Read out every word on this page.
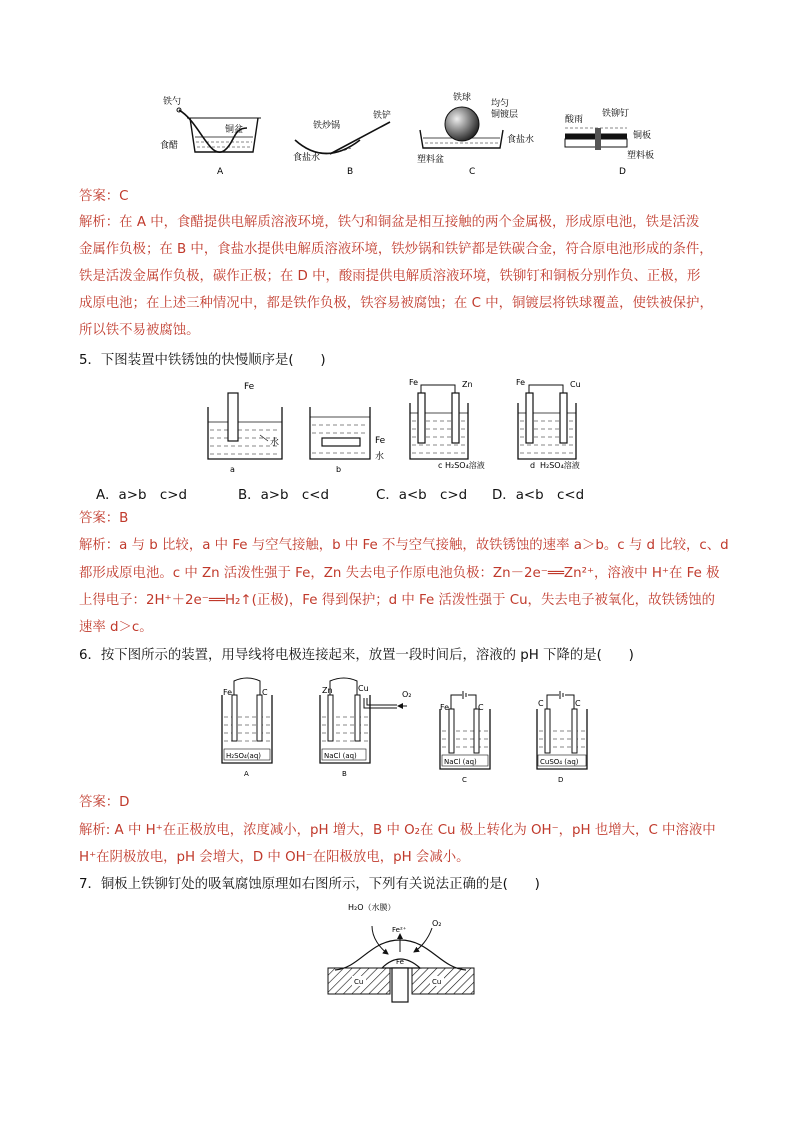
铁勺
铜盆
食醋
A
铁炒锅
铁铲
食盐水
B
铁球
均匀
铜镀层
食盐水
塑料盆
C
酸雨
铁铆钉
铜板
塑料板
D
答案：C
解析：在 A 中，食醋提供电解质溶液环境，铁勺和铜盆是相互接触的两个金属极，形成原电池，铁是活泼
金属作负极；在 B 中，食盐水提供电解质溶液环境，铁炒锅和铁铲都是铁碳合金，符合原电池形成的条件，
铁是活泼金属作负极，碳作正极；在 D 中，酸雨提供电解质溶液环境，铁铆钉和铜板分别作负、正极，形
成原电池；在上述三种情况中，都是铁作负极，铁容易被腐蚀；在 C 中，铜镀层将铁球覆盖，使铁被保护，
所以铁不易被腐蚀。
5．下图装置中铁锈蚀的快慢顺序是(　　)
Fe
水
a
Fe
水
b
Fe	Zn
H₂SO₄溶液
c
Fe	Cu
d H₂SO₄溶液
A．a>b　c>d	B．a>b　c<d	C．a<b　c>d D．a<b　c<d
答案：B
解析：a 与 b 比较，a 中 Fe 与空气接触，b 中 Fe 不与空气接触，故铁锈蚀的速率 a＞b。c 与 d 比较，c、d
都形成原电池。c 中 Zn 活泼性强于 Fe，Zn 失去电子作原电池负极：Zn－2e⁻══Zn²⁺，溶液中 H⁺在 Fe 极
上得电子：2H⁺＋2e⁻══H₂↑(正极)，Fe 得到保护；d 中 Fe 活泼性强于 Cu，失去电子被氧化，故铁锈蚀的
速率 d＞c。
6．按下图所示的装置，用导线将电极连接起来，放置一段时间后，溶液的 pH 下降的是(　　)
Fe	C
H₂SO₄(aq)
A
Zn	Cu
O₂
NaCl (aq)
B
Fe	C
NaCl (aq)
C
C	C
CuSO₄ (aq)
D
答案：D
解析: A 中 H⁺在正极放电，浓度减小，pH 增大，B 中 O₂在 Cu 极上转化为 OH⁻，pH 也增大，C 中溶液中
H⁺在阴极放电，pH 会增大，D 中 OH⁻在阳极放电，pH 会减小。
7．铜板上铁铆钉处的吸氧腐蚀原理如右图所示，下列有关说法正确的是(　　)
H₂O（水膜）
Fe²⁺
O₂
Fe
Cu	Cu
